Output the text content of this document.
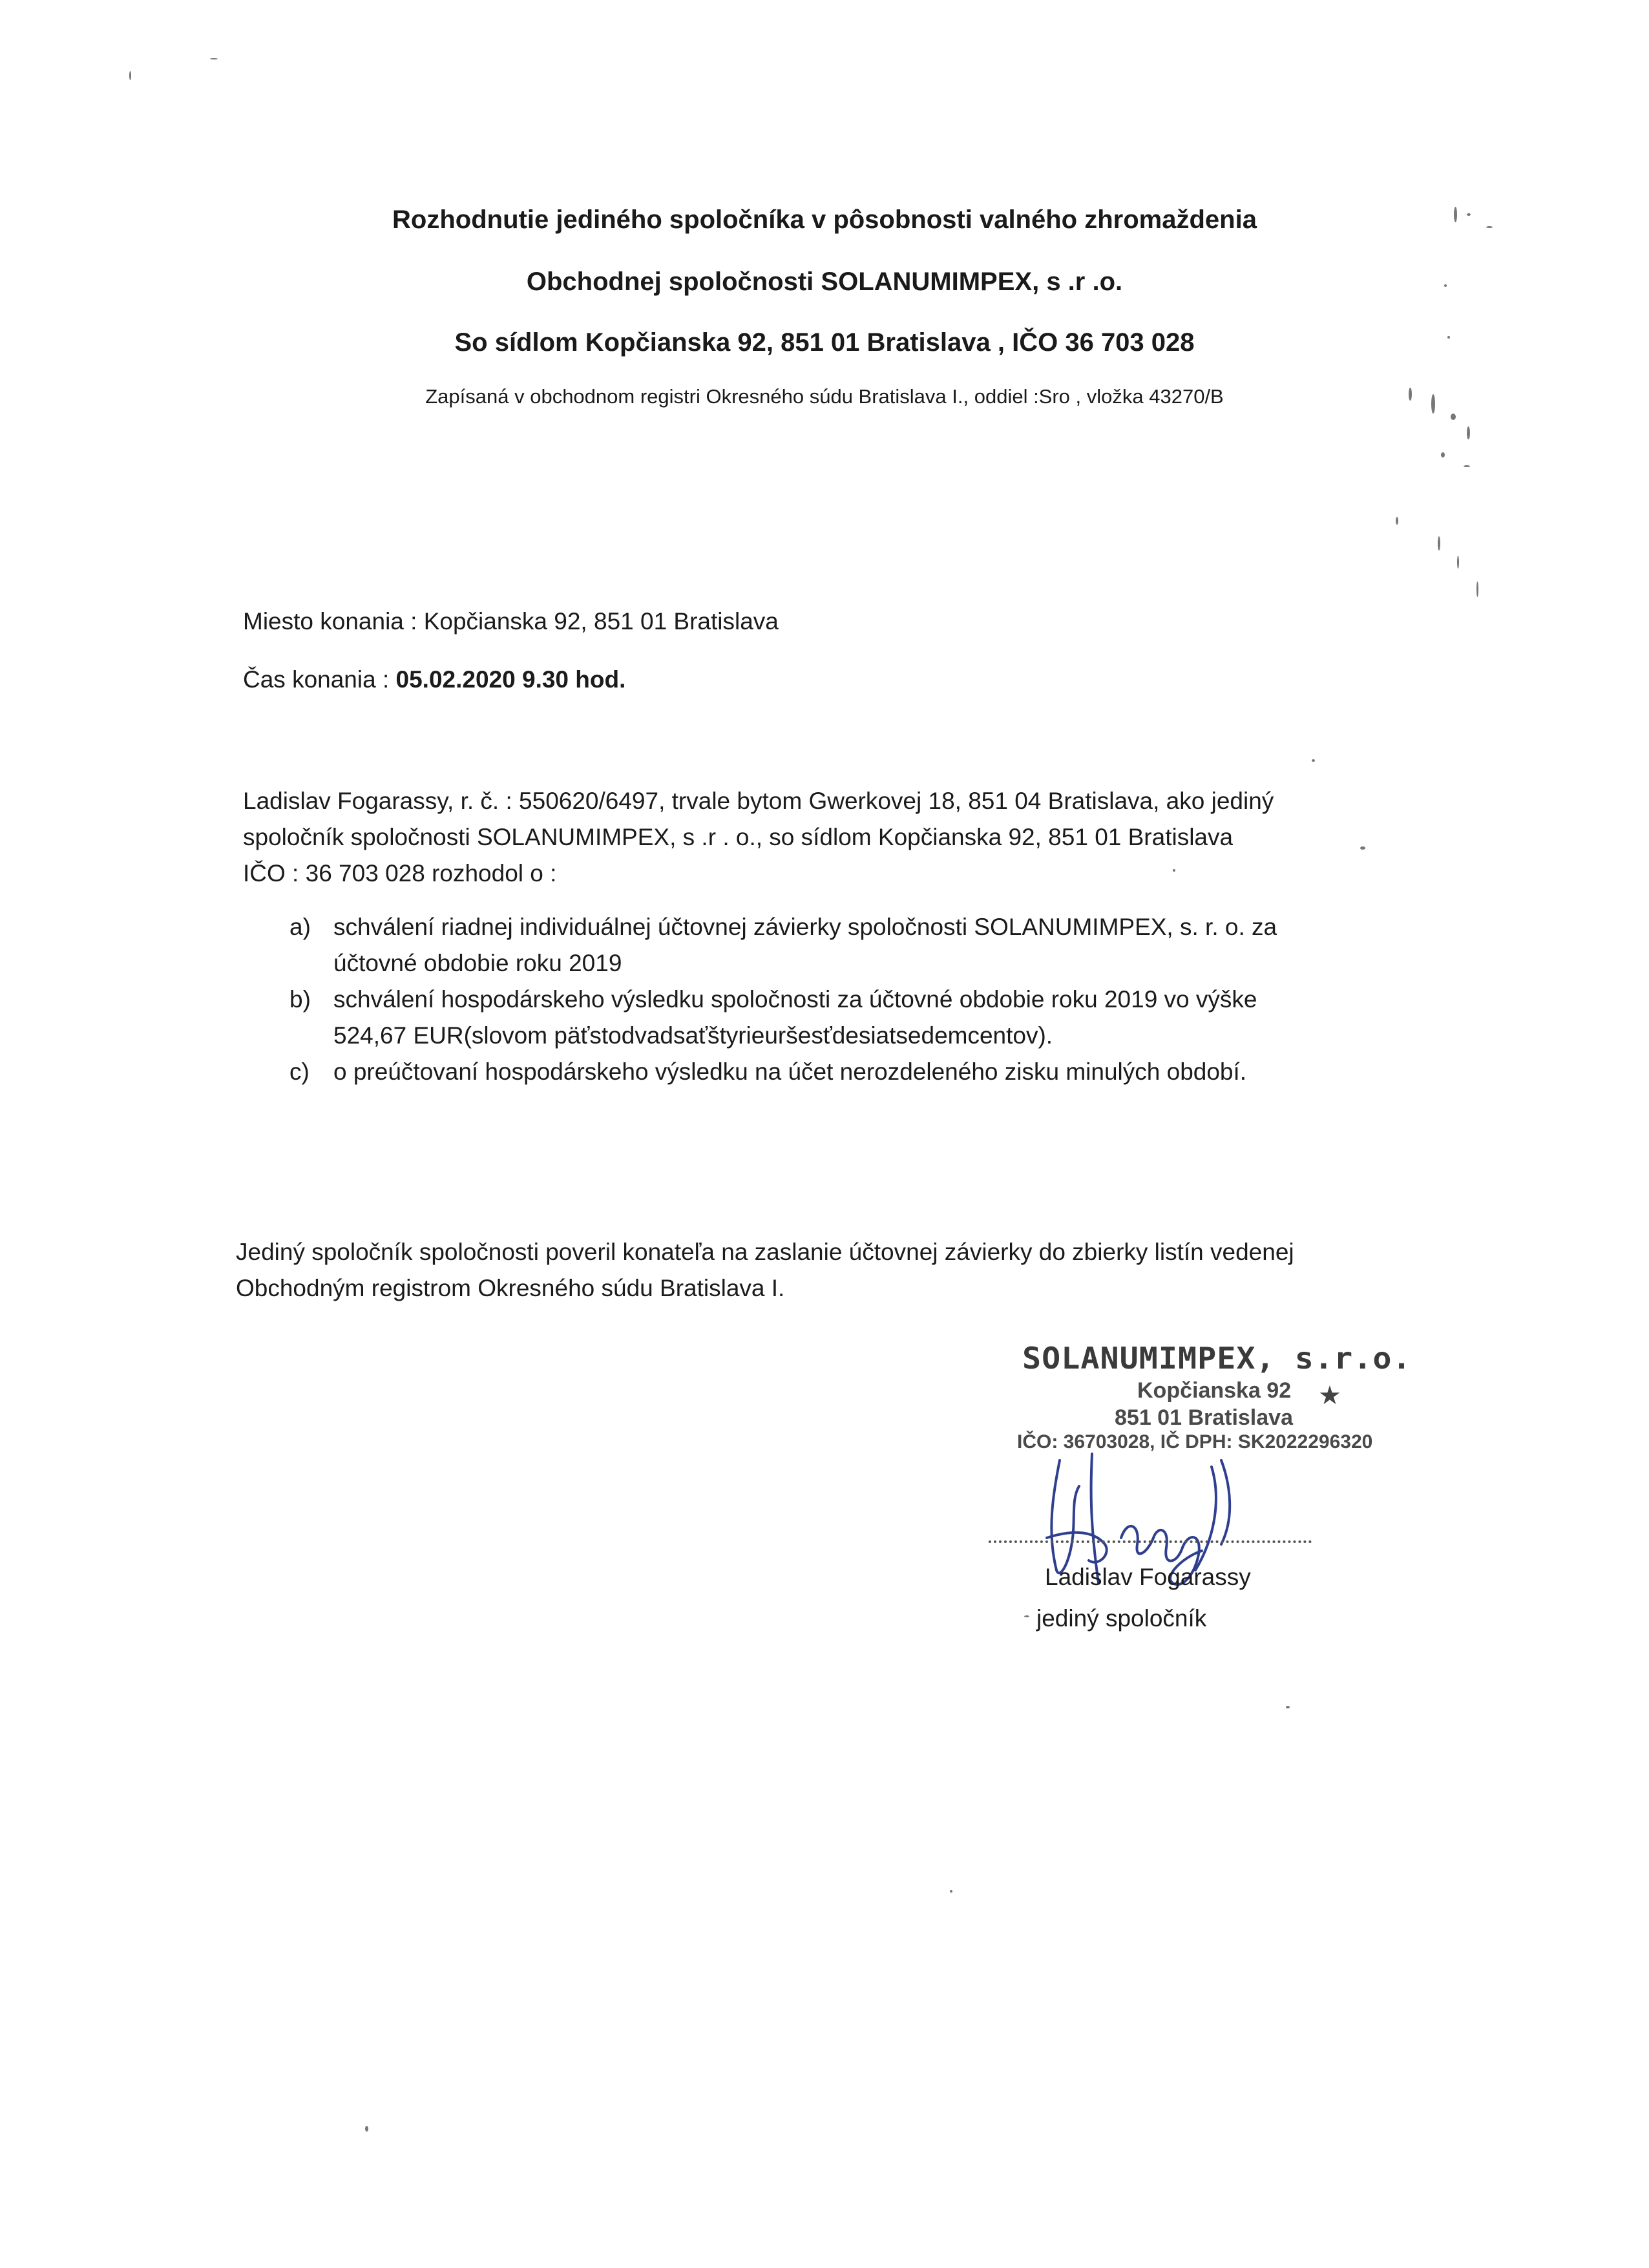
Rozhodnutie jediného spoločníka v pôsobnosti valného zhromaždenia
Obchodnej spoločnosti SOLANUMIMPEX, s .r .o.
So sídlom Kopčianska 92, 851 01 Bratislava , IČO 36 703 028
Zapísaná v obchodnom registri Okresného súdu Bratislava I., oddiel :Sro , vložka 43270/B
Miesto konania : Kopčianska 92, 851 01 Bratislava
Čas konania : 05.02.2020 9.30 hod.
Ladislav Fogarassy, r. č. : 550620/6497, trvale bytom Gwerkovej 18, 851 04 Bratislava, ako jediný
spoločník spoločnosti SOLANUMIMPEX, s .r . o., so sídlom Kopčianska 92, 851 01 Bratislava
IČO : 36 703 028 rozhodol o :
a) schválení riadnej individuálnej účtovnej závierky spoločnosti SOLANUMIMPEX, s. r. o. za
účtovné obdobie roku 2019
b) schválení hospodárskeho výsledku spoločnosti za účtovné obdobie roku 2019 vo výške
524,67 EUR(slovom päťstodvadsaťštyrieuršesťdesiatsedemcentov).
c) o preúčtovaní hospodárskeho výsledku na účet nerozdeleného zisku minulých období.
Jediný spoločník spoločnosti poveril konateľa na zaslanie účtovnej závierky do zbierky listín vedenej
Obchodným registrom Okresného súdu Bratislava I.
SOLANUMIMPEX, s.r.o.
Kopčianska 92
851 01 Bratislava
IČO: 36703028, IČ DPH: SK2022296320
★
Ladislav Fogarassy
jediný spoločník
